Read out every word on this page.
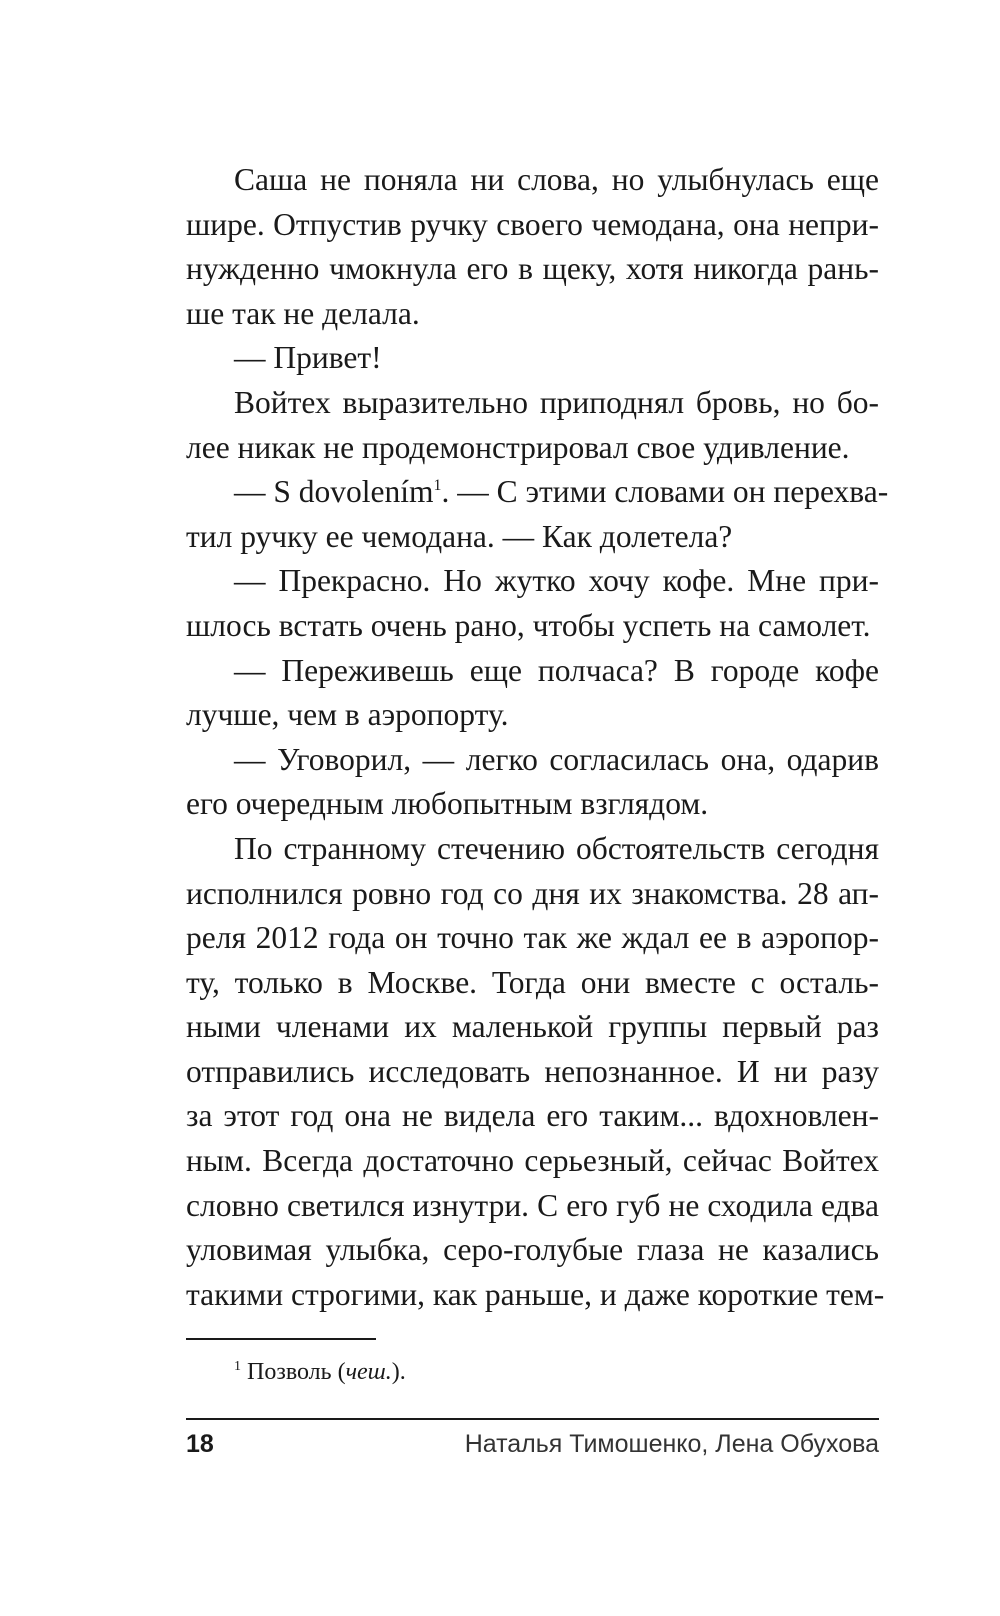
Саша не поняла ни слова, но улыбнулась еще
шире. Отпустив ручку своего чемодана, она непри-
нужденно чмокнула его в щеку, хотя никогда рань-
ше так не делала.
— Привет!
Войтех выразительно приподнял бровь, но бо-
лее никак не продемонстрировал свое удивление.
— S dovolením$^1$. — С этими словами он перехва-
тил ручку ее чемодана. — Как долетела?
— Прекрасно. Но жутко хочу кофе. Мне при-
шлось встать очень рано, чтобы успеть на самолет.
— Переживешь еще полчаса? В городе кофе
лучше, чем в аэропорту.
— Уговорил, — легко согласилась она, одарив
его очередным любопытным взглядом.
По странному стечению обстоятельств сегодня
исполнился ровно год со дня их знакомства. 28 ап-
реля 2012 года он точно так же ждал ее в аэропор-
ту, только в Москве. Тогда они вместе с осталь-
ными членами их маленькой группы первый раз
отправились исследовать непознанное. И ни разу
за этот год она не видела его таким... вдохновлен-
ным. Всегда достаточно серьезный, сейчас Войтех
словно светился изнутри. С его губ не сходила едва
уловимая улыбка, серо-голубые глаза не казались
такими строгими, как раньше, и даже короткие тем-
$^1$ Позволь (чеш.).
18	Наталья Тимошенко, Лена Обухова
